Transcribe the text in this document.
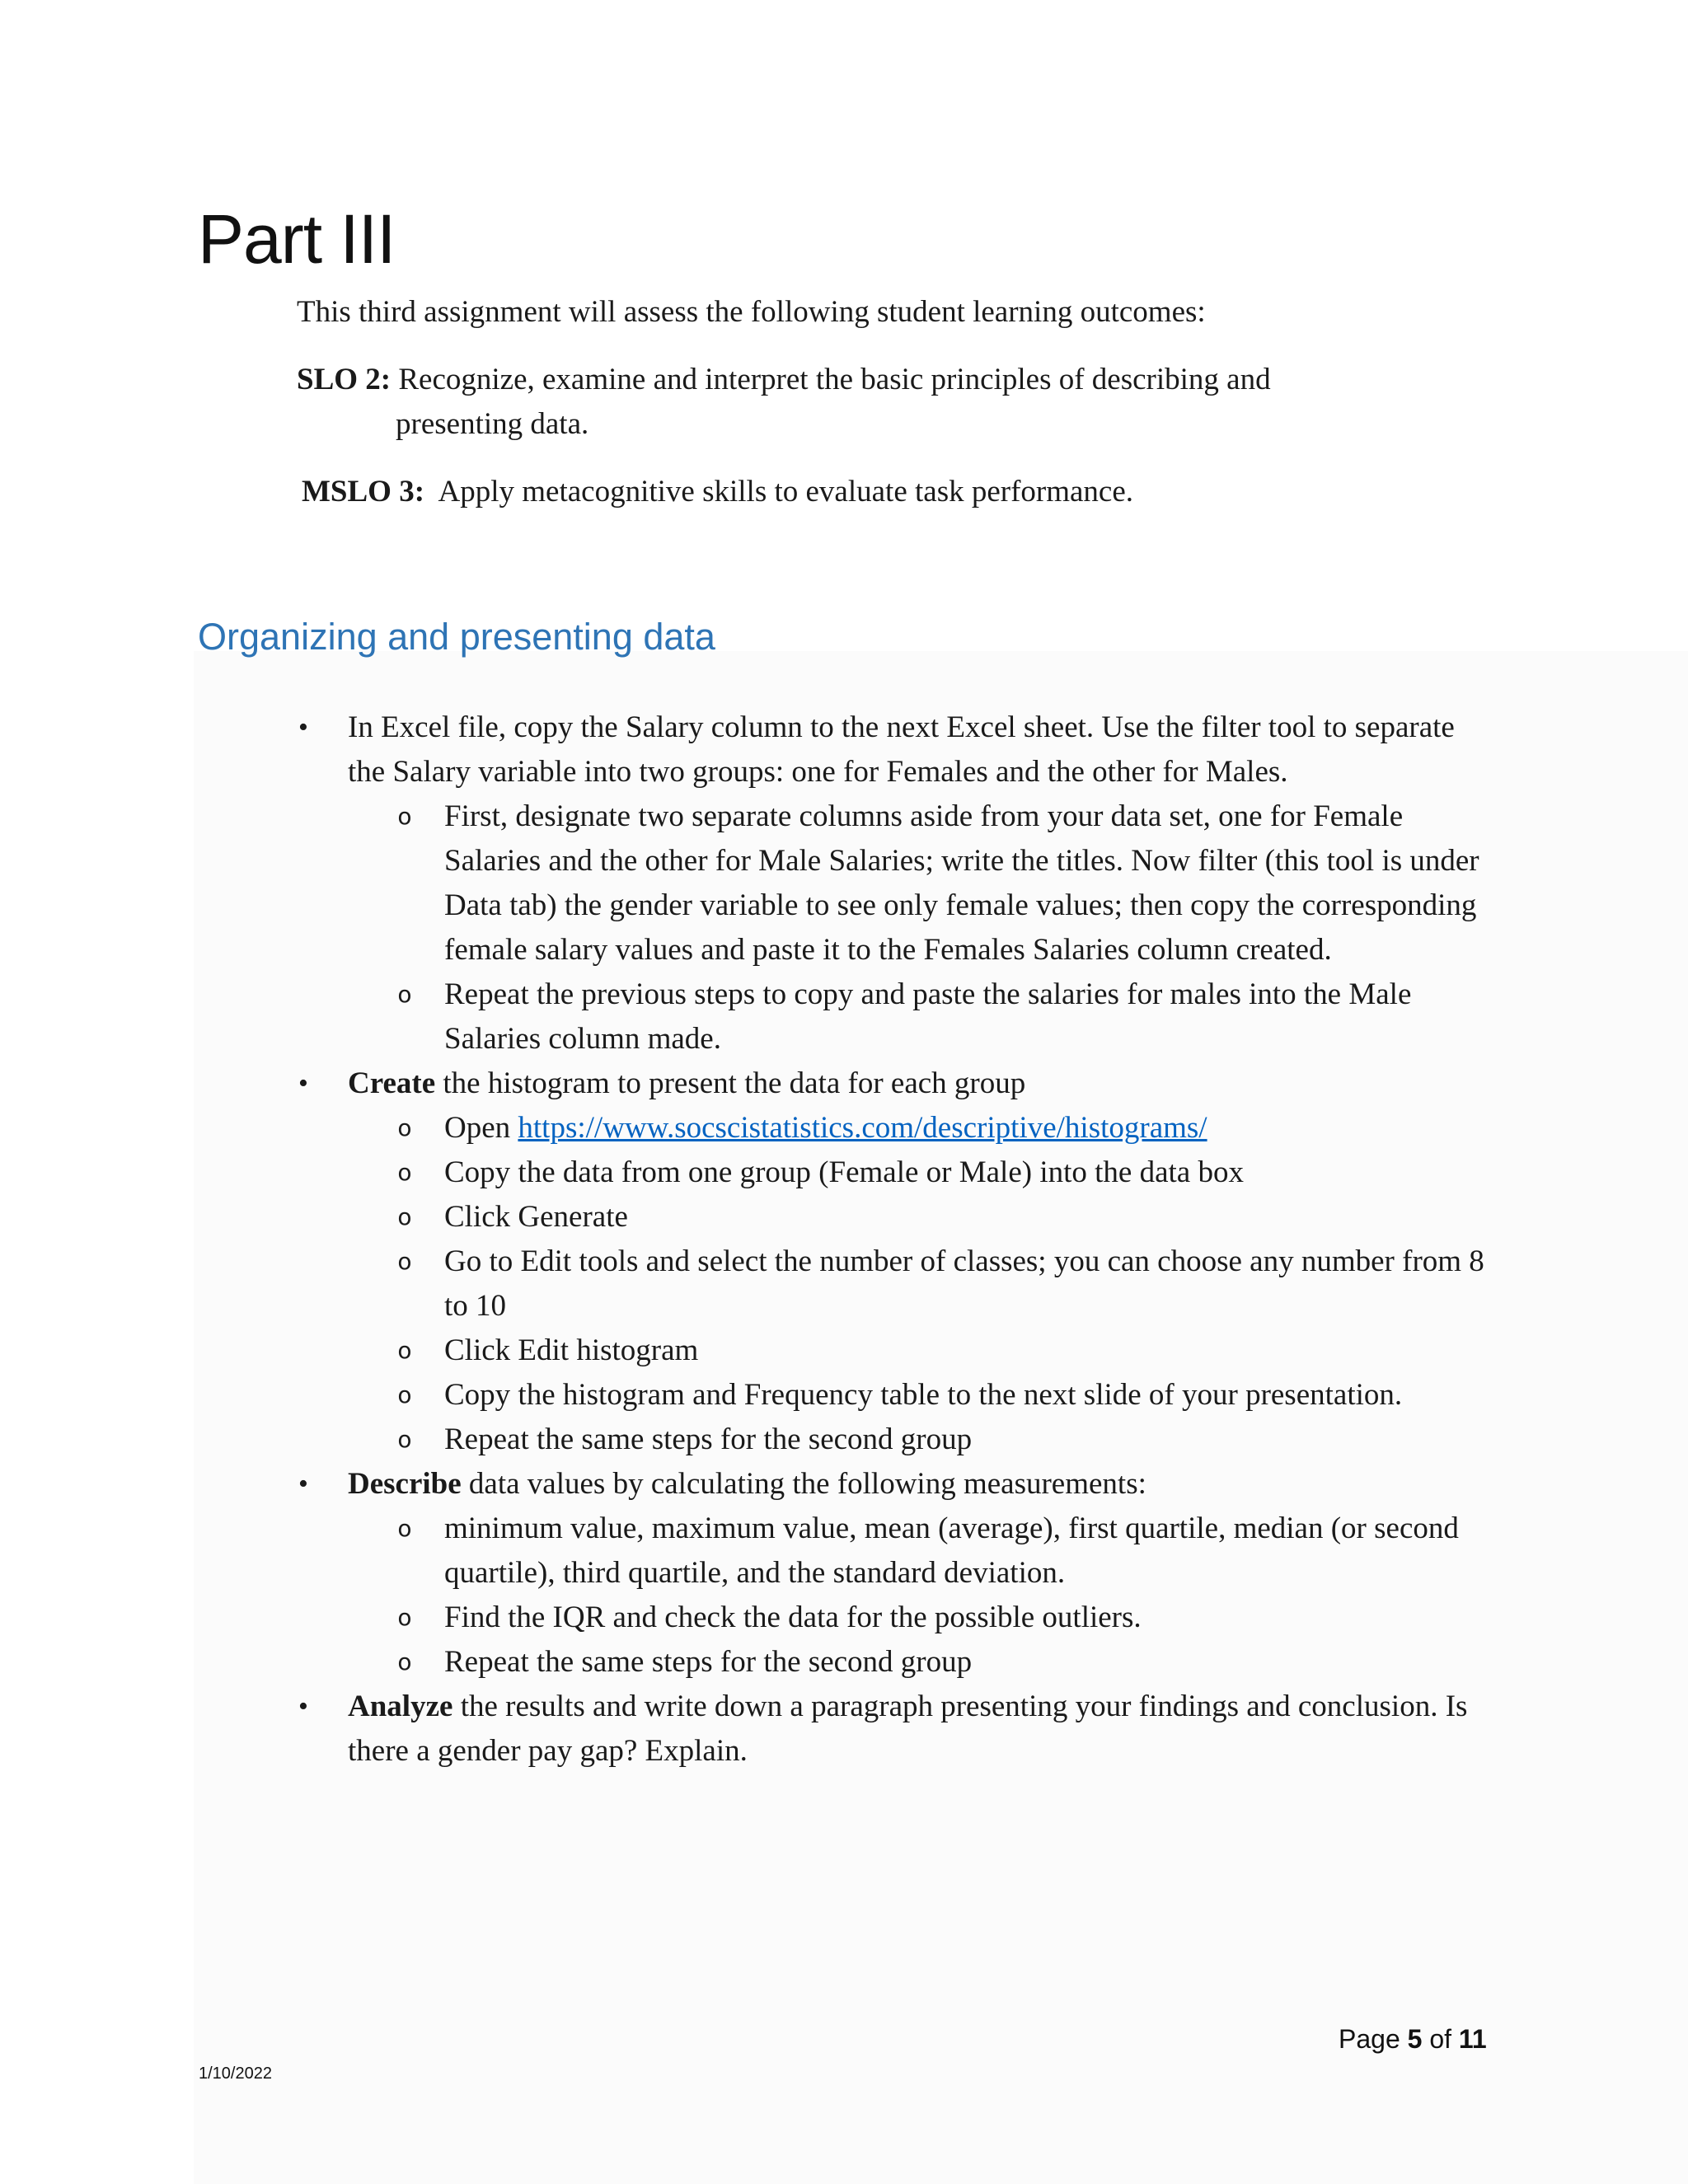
Part III
This third assignment will assess the following student learning outcomes:
SLO 2: Recognize, examine and interpret the basic principles of describing and
presenting data.
MSLO 3:  Apply metacognitive skills to evaluate task performance.
Organizing and presenting data
• In Excel file, copy the Salary column to the next Excel sheet. Use the filter tool to separate the Salary variable into two groups: one for Females and the other for Males.
o First, designate two separate columns aside from your data set, one for Female Salaries and the other for Male Salaries; write the titles. Now filter (this tool is under Data tab) the gender variable to see only female values; then copy the corresponding female salary values and paste it to the Females Salaries column created.
o Repeat the previous steps to copy and paste the salaries for males into the Male Salaries column made.
• Create the histogram to present the data for each group
o Open https://www.socscistatistics.com/descriptive/histograms/
o Copy the data from one group (Female or Male) into the data box
o Click Generate
o Go to Edit tools and select the number of classes; you can choose any number from 8 to 10
o Click Edit histogram
o Copy the histogram and Frequency table to the next slide of your presentation.
o Repeat the same steps for the second group
• Describe data values by calculating the following measurements:
o minimum value, maximum value, mean (average), first quartile, median (or second quartile), third quartile, and the standard deviation.
o Find the IQR and check the data for the possible outliers.
o Repeat the same steps for the second group
• Analyze the results and write down a paragraph presenting your findings and conclusion. Is there a gender pay gap? Explain.
Page 5 of 11
1/10/2022
